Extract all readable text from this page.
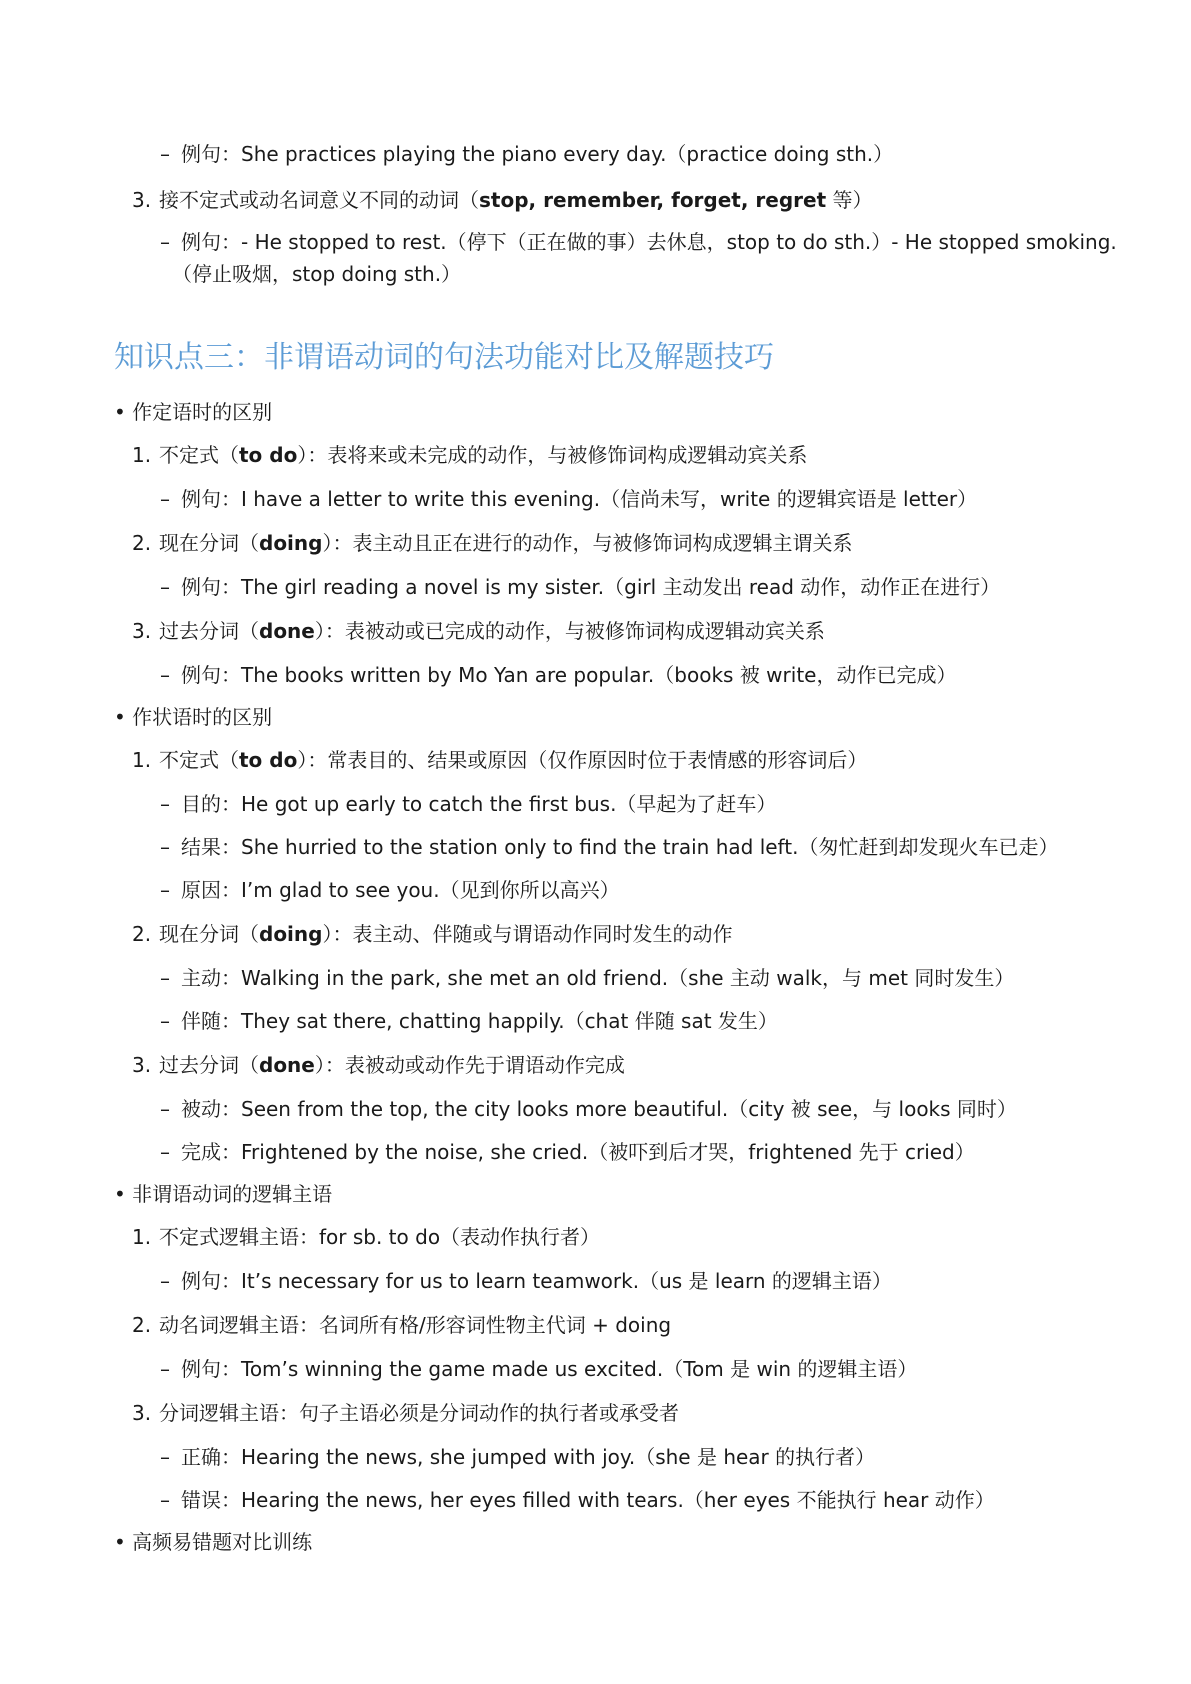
– 例句：She practices playing the piano every day.（practice doing sth.）
3. 接不定式或动名词意义不同的动词（stop, remember, forget, regret 等）
– 例句：- He stopped to rest.（停下（正在做的事）去休息，stop to do sth.）- He stopped smoking.
（停止吸烟，stop doing sth.）
知识点三：非谓语动词的句法功能对比及解题技巧
• 作定语时的区别
1. 不定式（to do）：表将来或未完成的动作，与被修饰词构成逻辑动宾关系
– 例句：I have a letter to write this evening.（信尚未写，write 的逻辑宾语是 letter）
2. 现在分词（doing）：表主动且正在进行的动作，与被修饰词构成逻辑主谓关系
– 例句：The girl reading a novel is my sister.（girl 主动发出 read 动作，动作正在进行）
3. 过去分词（done）：表被动或已完成的动作，与被修饰词构成逻辑动宾关系
– 例句：The books written by Mo Yan are popular.（books 被 write，动作已完成）
• 作状语时的区别
1. 不定式（to do）：常表目的、结果或原因（仅作原因时位于表情感的形容词后）
– 目的：He got up early to catch the first bus.（早起为了赶车）
– 结果：She hurried to the station only to find the train had left.（匆忙赶到却发现火车已走）
– 原因：I’m glad to see you.（见到你所以高兴）
2. 现在分词（doing）：表主动、伴随或与谓语动作同时发生的动作
– 主动：Walking in the park, she met an old friend.（she 主动 walk，与 met 同时发生）
– 伴随：They sat there, chatting happily.（chat 伴随 sat 发生）
3. 过去分词（done）：表被动或动作先于谓语动作完成
– 被动：Seen from the top, the city looks more beautiful.（city 被 see，与 looks 同时）
– 完成：Frightened by the noise, she cried.（被吓到后才哭，frightened 先于 cried）
• 非谓语动词的逻辑主语
1. 不定式逻辑主语：for sb. to do（表动作执行者）
– 例句：It’s necessary for us to learn teamwork.（us 是 learn 的逻辑主语）
2. 动名词逻辑主语：名词所有格/形容词性物主代词 + doing
– 例句：Tom’s winning the game made us excited.（Tom 是 win 的逻辑主语）
3. 分词逻辑主语：句子主语必须是分词动作的执行者或承受者
– 正确：Hearing the news, she jumped with joy.（she 是 hear 的执行者）
– 错误：Hearing the news, her eyes filled with tears.（her eyes 不能执行 hear 动作）
• 高频易错题对比训练
